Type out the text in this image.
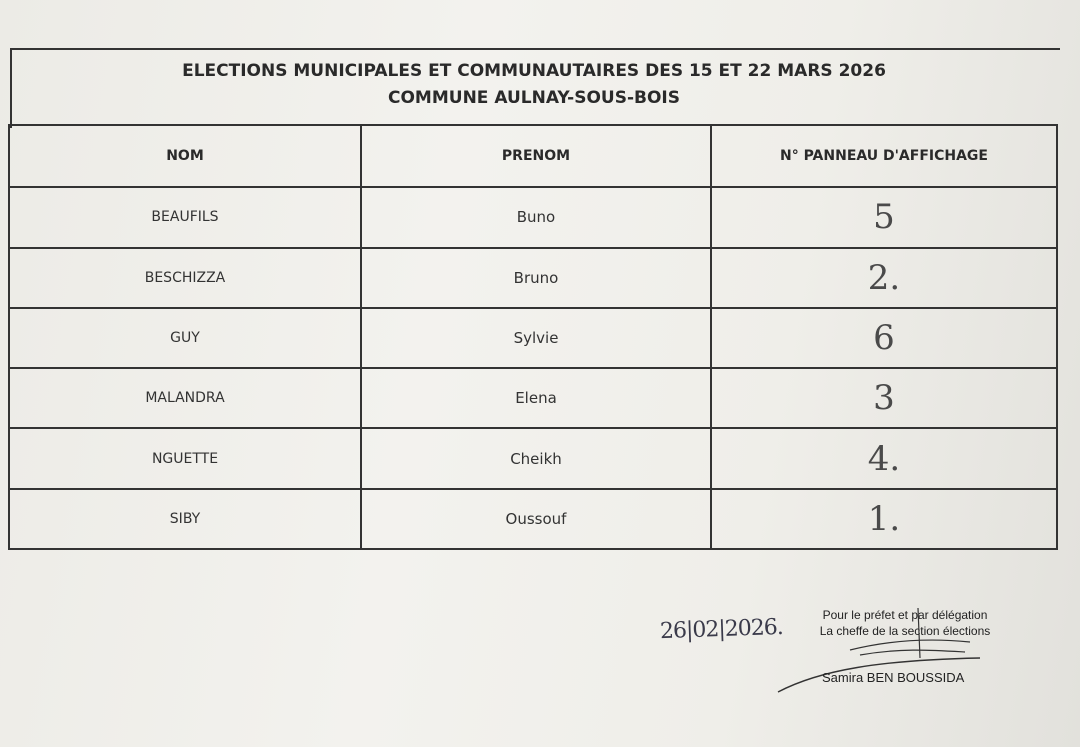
ELECTIONS MUNICIPALES ET COMMUNAUTAIRES DES 15 ET 22 MARS 2026
COMMUNE AULNAY-SOUS-BOIS
NOM	PRENOM	N° PANNEAU D'AFFICHAGE
BEAUFILS	Buno	5
BESCHIZZA	Bruno	2.
GUY	Sylvie	6
MALANDRA	Elena	3
NGUETTE	Cheikh	4.
SIBY	Oussouf	1.
26|02|2026.	Pour le préfet et par délégation
La cheffe de la section élections
Samira BEN BOUSSIDA
